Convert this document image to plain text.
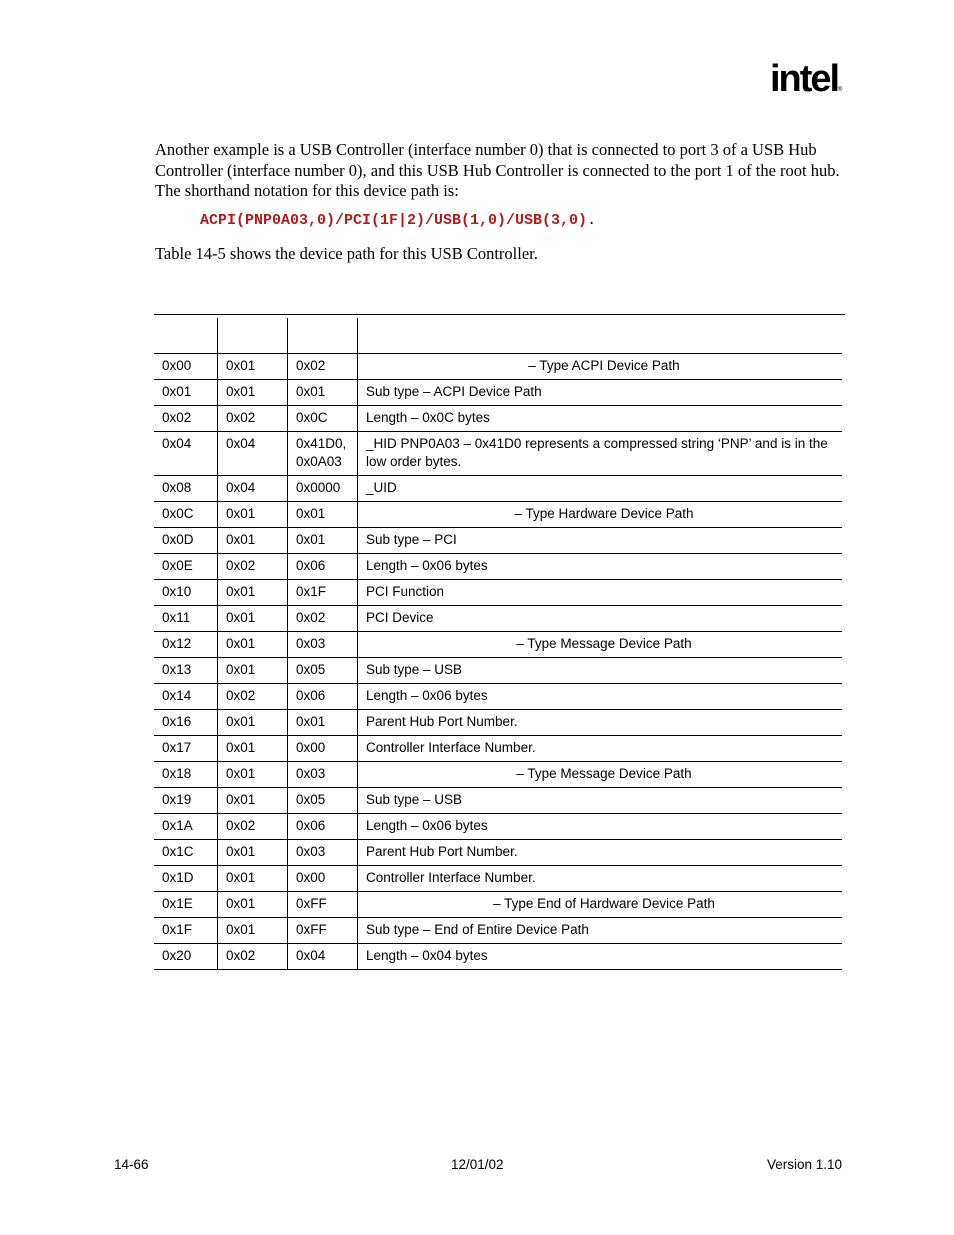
intel ®

Another example is a USB Controller (interface number 0) that is connected to port 3 of a USB Hub Controller (interface number 0), and this USB Hub Controller is connected to the port 1 of the root hub. The shorthand notation for this device path is:

ACPI(PNP0A03,0)/PCI(1F|2)/USB(1,0)/USB(3,0).
Table 14-5 shows the device path for this USB Controller.

0x00	0x01	0x02	– Type ACPI Device Path
0x01	0x01	0x01	Sub type – ACPI Device Path
0x02	0x02	0x0C	Length – 0x0C bytes
0x04	0x04	0x41D0, 0x0A03	_HID PNP0A03 – 0x41D0 represents a compressed string ‘PNP’ and is in the low order bytes.
0x08	0x04	0x0000	_UID
0x0C	0x01	0x01	– Type Hardware Device Path
0x0D	0x01	0x01	Sub type – PCI
0x0E	0x02	0x06	Length – 0x06 bytes
0x10	0x01	0x1F	PCI Function
0x11	0x01	0x02	PCI Device
0x12	0x01	0x03	– Type Message Device Path
0x13	0x01	0x05	Sub type – USB
0x14	0x02	0x06	Length – 0x06 bytes
0x16	0x01	0x01	Parent Hub Port Number.
0x17	0x01	0x00	Controller Interface Number.
0x18	0x01	0x03	– Type Message Device Path
0x19	0x01	0x05	Sub type – USB
0x1A	0x02	0x06	Length – 0x06 bytes
0x1C	0x01	0x03	Parent Hub Port Number.
0x1D	0x01	0x00	Controller Interface Number.
0x1E	0x01	0xFF	– Type End of Hardware Device Path
0x1F	0x01	0xFF	Sub type – End of Entire Device Path
0x20	0x02	0x04	Length – 0x04 bytes
14-66	12/01/02	Version 1.10
